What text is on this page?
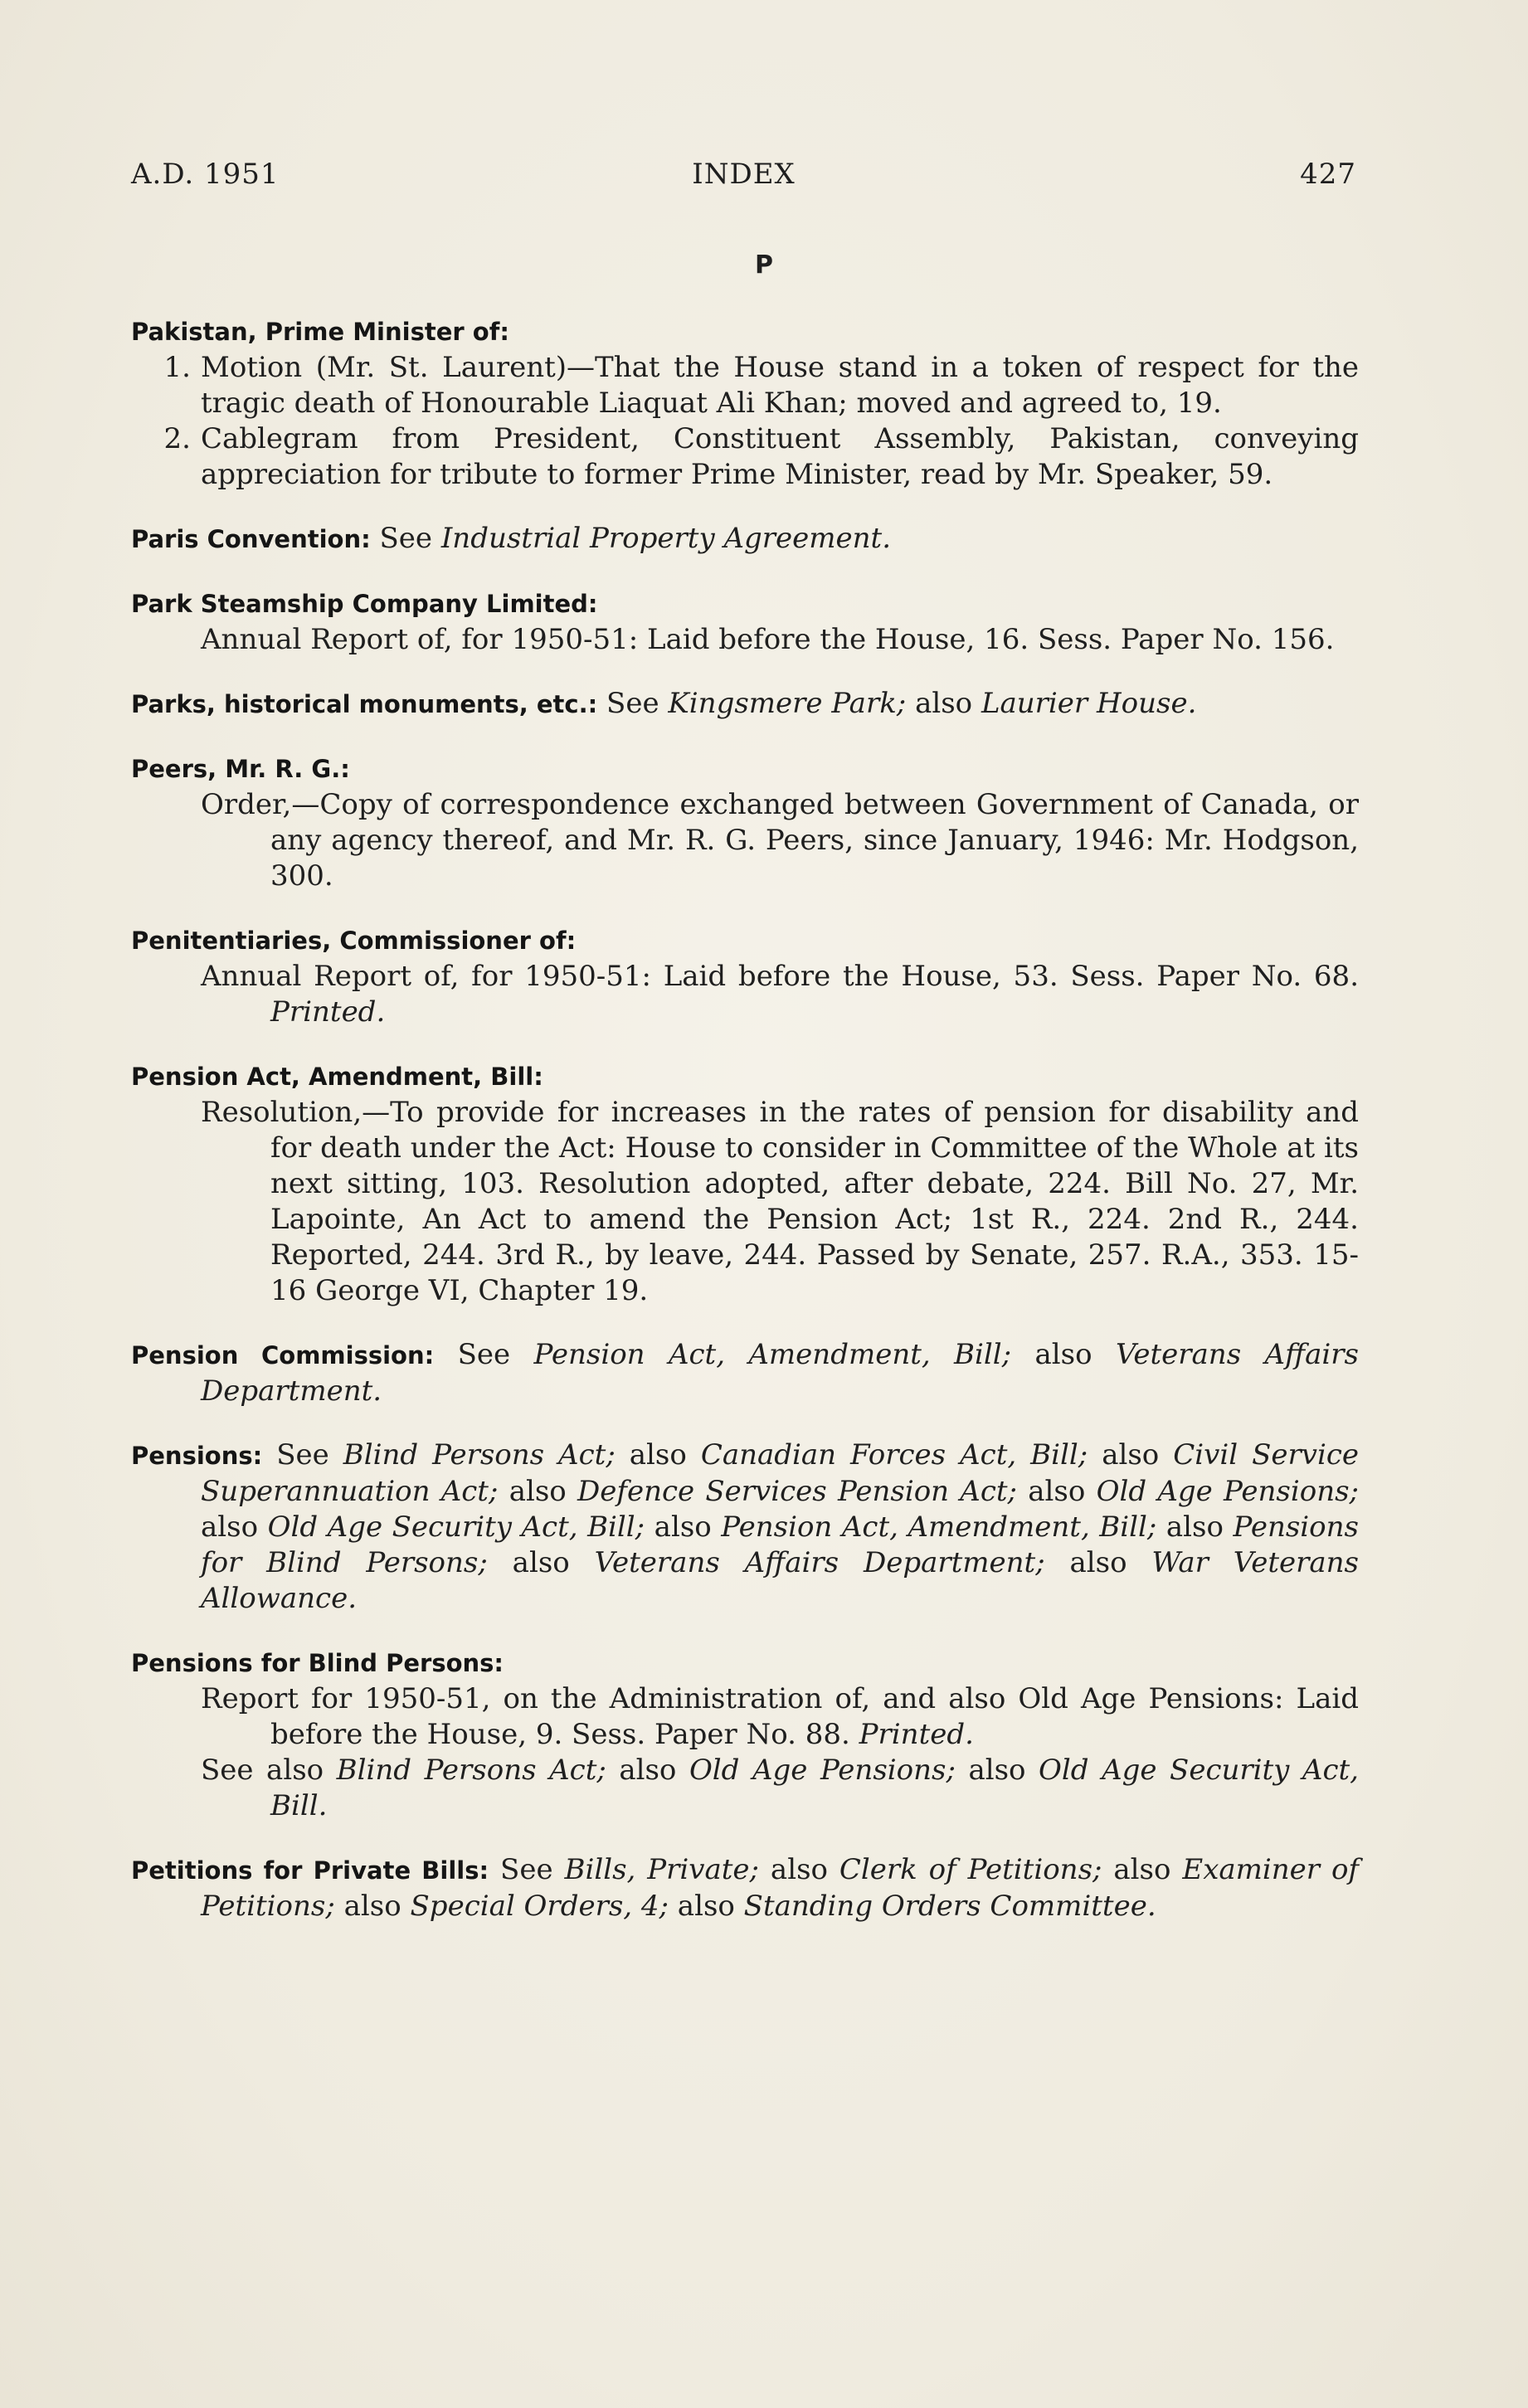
A.D. 1951	INDEX	427
P
Pakistan, Prime Minister of:
1. Motion (Mr. St. Laurent)—That the House stand in a token of respect for the tragic death of Honourable Liaquat Ali Khan; moved and agreed to, 19.
2. Cablegram from President, Constituent Assembly, Pakistan, conveying appreciation for tribute to former Prime Minister, read by Mr. Speaker, 59.
Paris Convention: See Industrial Property Agreement.
Park Steamship Company Limited:
Annual Report of, for 1950-51: Laid before the House, 16. Sess. Paper No. 156.
Parks, historical monuments, etc.: See Kingsmere Park; also Laurier House.
Peers, Mr. R. G.:
Order,—Copy of correspondence exchanged between Government of Canada, or any agency thereof, and Mr. R. G. Peers, since January, 1946: Mr. Hodgson, 300.
Penitentiaries, Commissioner of:
Annual Report of, for 1950-51: Laid before the House, 53. Sess. Paper No. 68. Printed.
Pension Act, Amendment, Bill:
Resolution,—To provide for increases in the rates of pension for disability and for death under the Act: House to consider in Committee of the Whole at its next sitting, 103. Resolution adopted, after debate, 224. Bill No. 27, Mr. Lapointe, An Act to amend the Pension Act; 1st R., 224. 2nd R., 244. Reported, 244. 3rd R., by leave, 244. Passed by Senate, 257. R.A., 353. 15-16 George VI, Chapter 19.
Pension Commission: See Pension Act, Amendment, Bill; also Veterans Affairs Department.
Pensions: See Blind Persons Act; also Canadian Forces Act, Bill; also Civil Service Superannuation Act; also Defence Services Pension Act; also Old Age Pensions; also Old Age Security Act, Bill; also Pension Act, Amendment, Bill; also Pensions for Blind Persons; also Veterans Affairs Department; also War Veterans Allowance.
Pensions for Blind Persons:
Report for 1950-51, on the Administration of, and also Old Age Pensions: Laid before the House, 9. Sess. Paper No. 88. Printed.
See also Blind Persons Act; also Old Age Pensions; also Old Age Security Act, Bill.
Petitions for Private Bills: See Bills, Private; also Clerk of Petitions; also Examiner of Petitions; also Special Orders, 4; also Standing Orders Committee.
